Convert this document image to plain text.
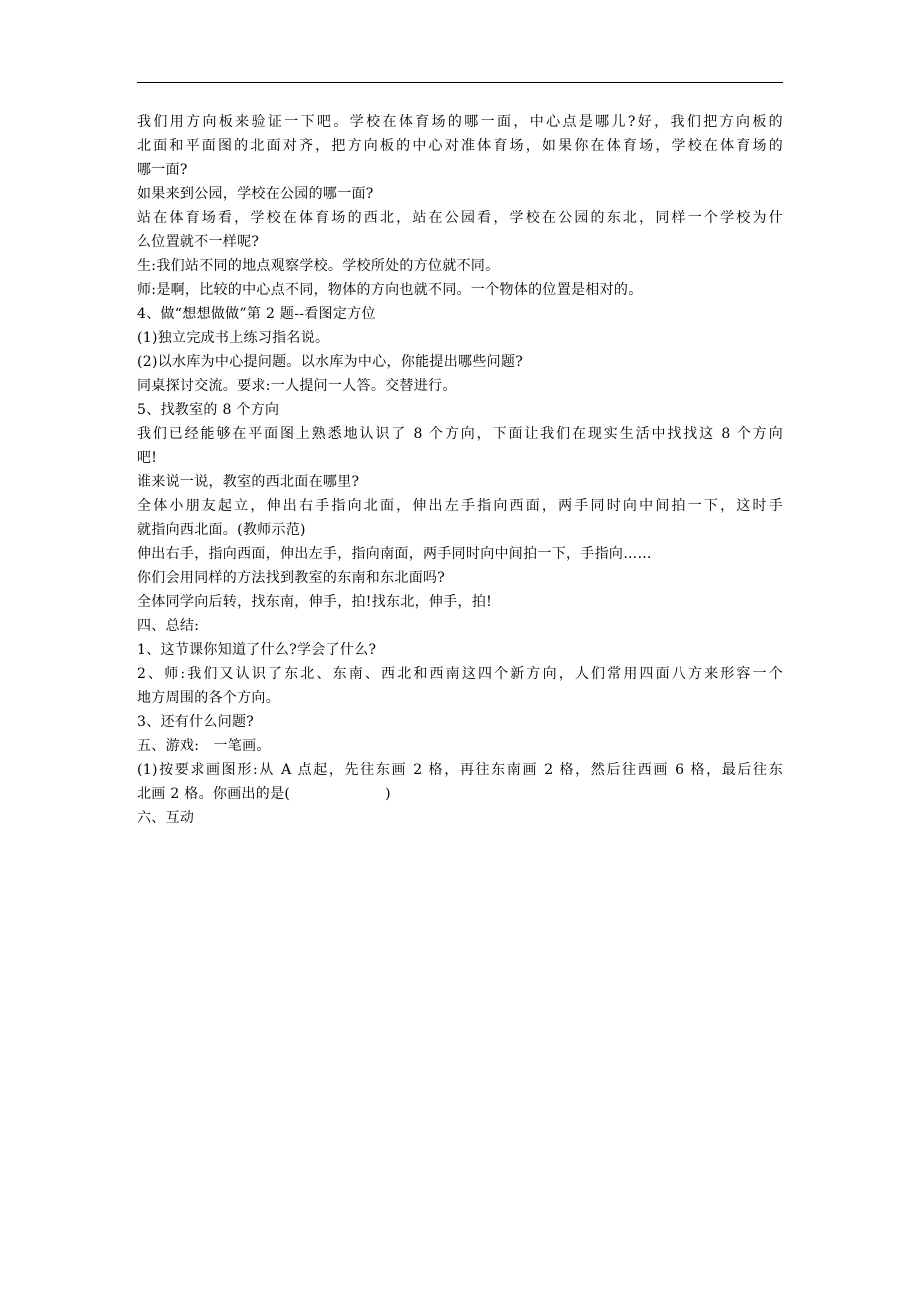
我们用方向板来验证一下吧。学校在体育场的哪一面，中心点是哪儿?好，我们把方向板的
北面和平面图的北面对齐，把方向板的中心对准体育场，如果你在体育场，学校在体育场的
哪一面?
如果来到公园，学校在公园的哪一面?
站在体育场看，学校在体育场的西北，站在公园看，学校在公园的东北，同样一个学校为什
么位置就不一样呢?
生:我们站不同的地点观察学校。学校所处的方位就不同。
师:是啊，比较的中心点不同，物体的方向也就不同。一个物体的位置是相对的。
4、做“想想做做”第 2 题--看图定方位
(1)独立完成书上练习指名说。
(2)以水库为中心提问题。以水库为中心，你能提出哪些问题?
同桌探讨交流。要求:一人提问一人答。交替进行。
5、找教室的 8 个方向
我们已经能够在平面图上熟悉地认识了 8 个方向，下面让我们在现实生活中找找这 8 个方向
吧!
谁来说一说，教室的西北面在哪里?
全体小朋友起立，伸出右手指向北面，伸出左手指向西面，两手同时向中间拍一下，这时手
就指向西北面。(教师示范)
伸出右手，指向西面，伸出左手，指向南面，两手同时向中间拍一下，手指向……
你们会用同样的方法找到教室的东南和东北面吗?
全体同学向后转，找东南，伸手，拍!找东北，伸手，拍!
四、总结:
1、这节课你知道了什么?学会了什么?
2、师:我们又认识了东北、东南、西北和西南这四个新方向，人们常用四面八方来形容一个
地方周围的各个方向。
3、还有什么问题?
五、游戏:   一笔画。
(1)按要求画图形:从 A 点起，先往东画 2 格，再往东南画 2 格，然后往西画 6 格，最后往东
北画 2 格。你画出的是(                    )
六、互动
